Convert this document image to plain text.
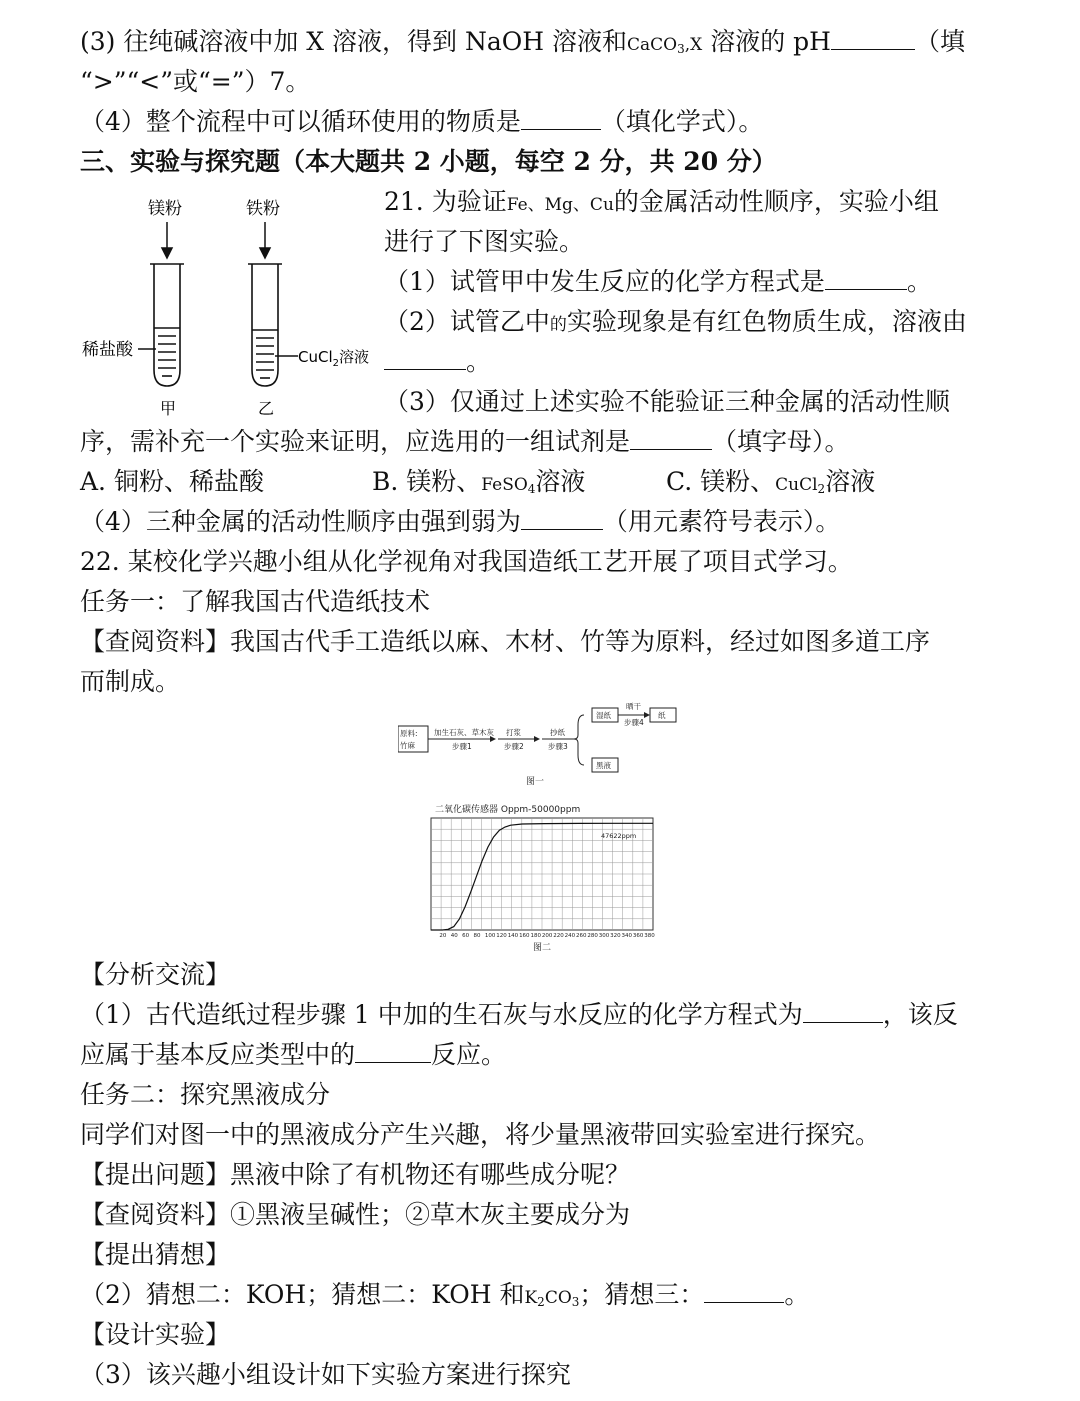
(3) 往纯碱溶液中加 X 溶液，得到 NaOH 溶液和CaCO$_3$,X 溶液的 pH	（填
“>”“<”或“=”）7。
（4）整个流程中可以循环使用的物质是	（填化学式）。
三、实验与探究题（本大题共 2 小题，每空 2 分，共 20 分）
21. 为验证Fe、Mg、Cu的金属活动性顺序，实验小组
进行了下图实验。
（1）试管甲中发生反应的化学方程式是	。
（2）试管乙中的实验现象是有红色物质生成，溶液由
。
（3）仅通过上述实验不能验证三种金属的活动性顺
序，需补充一个实验来证明，应选用的一组试剂是	（填字母）。
A. 铜粉、稀盐酸	B. 镁粉、FeSO$_4$溶液	C. 镁粉、CuCl$_2$溶液
（4）三种金属的活动性顺序由强到弱为	（用元素符号表示）。
22. 某校化学兴趣小组从化学视角对我国造纸工艺开展了项目式学习。
任务一：了解我国古代造纸技术
【查阅资料】我国古代手工造纸以麻、木材、竹等为原料，经过如图多道工序
而制成。
镁粉	铁粉
稀盐酸	CuCl$_2$溶液
甲	乙
原料:
竹麻
加生石灰、草木灰
步骤1
打浆
步骤2
抄纸
步骤3
湿纸
晒干
步骤4
纸
黑液
图一
二氧化碳传感器 Oppm-50000ppm
20 40 60 80 100 120 140 160 180 200 220 240 260 280 300 320 340 360 380
47622ppm
图二
【分析交流】
（1）古代造纸过程步骤 1 中加的生石灰与水反应的化学方程式为	，该反
应属于基本反应类型中的	反应。
任务二：探究黑液成分
同学们对图一中的黑液成分产生兴趣，将少量黑液带回实验室进行探究。
【提出问题】黑液中除了有机物还有哪些成分呢？
【查阅资料】①黑液呈碱性；②草木灰主要成分为
【提出猜想】
（2）猜想二：KOH；猜想二：KOH 和$K_2CO_3$；猜想三：	。
【设计实验】
（3）该兴趣小组设计如下实验方案进行探究
